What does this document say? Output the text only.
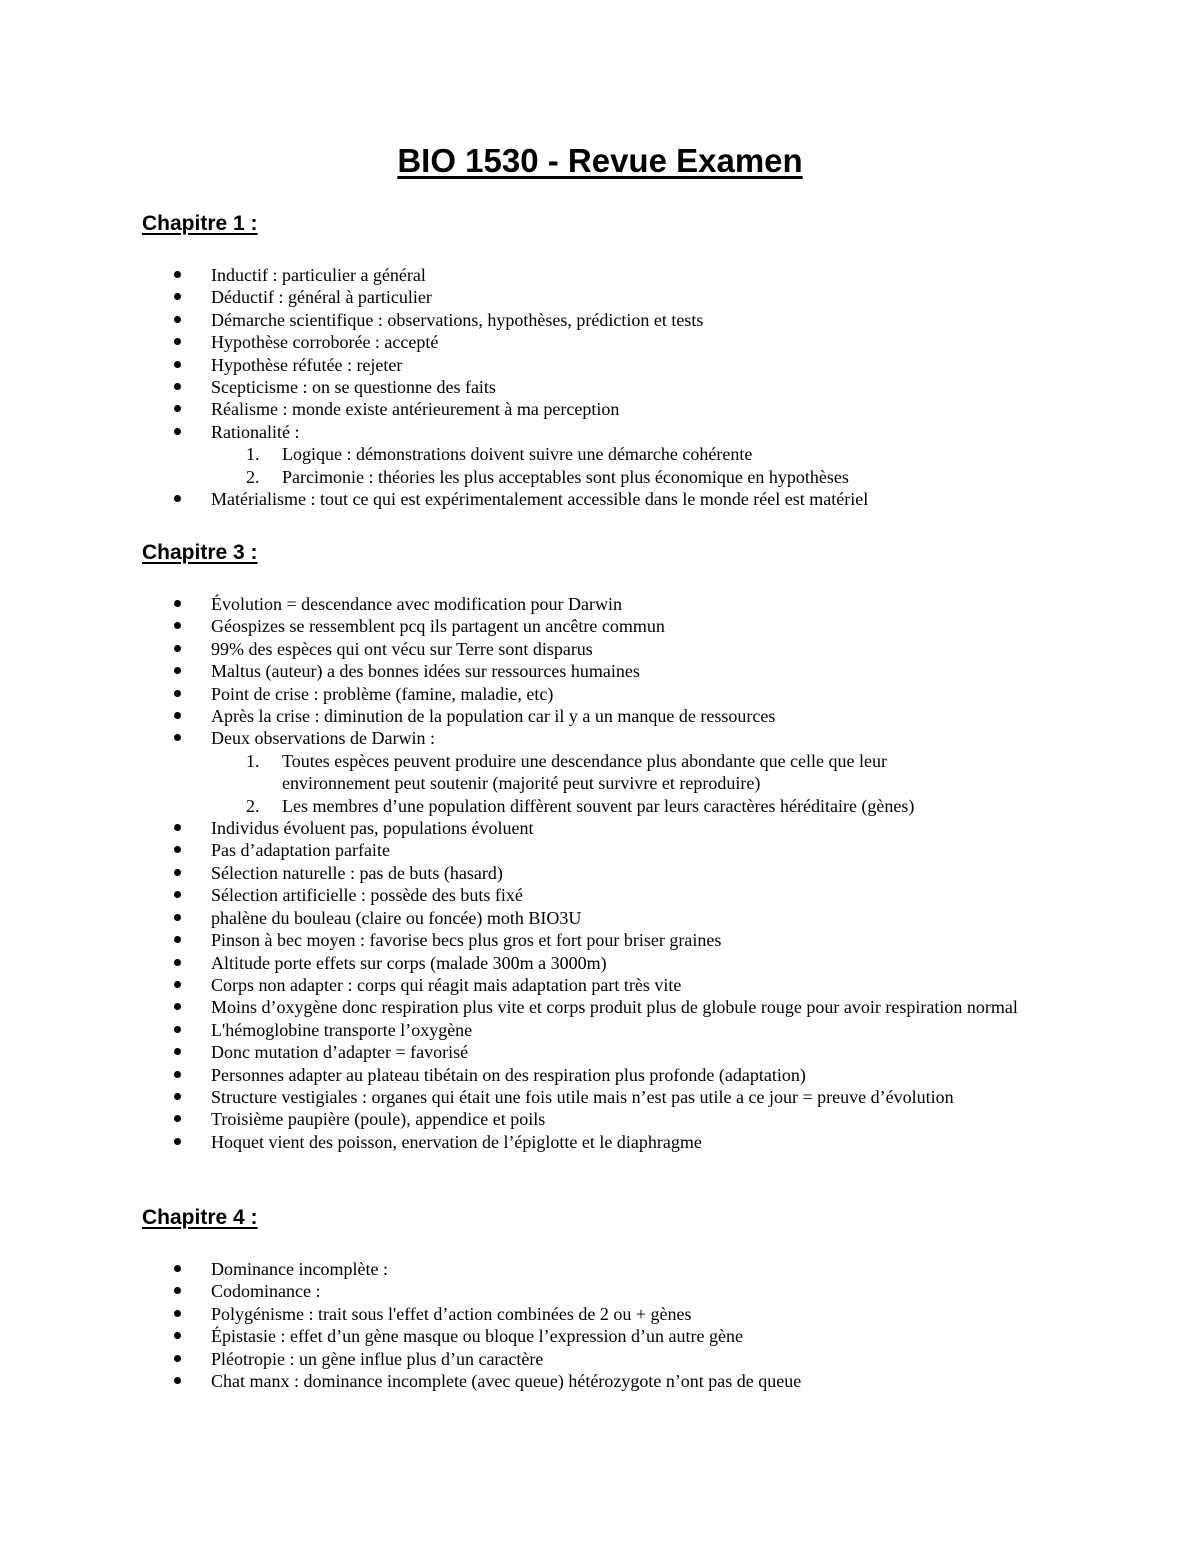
BIO 1530 - Revue Examen
Chapitre 1 :
Inductif : particulier a général
Déductif : général à particulier
Démarche scientifique : observations, hypothèses, prédiction et tests
Hypothèse corroborée : accepté
Hypothèse réfutée : rejeter
Scepticisme : on se questionne des faits
Réalisme : monde existe antérieurement à ma perception
Rationalité :
1. Logique : démonstrations doivent suivre une démarche cohérente
2. Parcimonie : théories les plus acceptables sont plus économique en hypothèses
Matérialisme : tout ce qui est expérimentalement accessible dans le monde réel est matériel
Chapitre 3 :
Évolution = descendance avec modification pour Darwin
Géospizes se ressemblent pcq ils partagent un ancêtre commun
99% des espèces qui ont vécu sur Terre sont disparus
Maltus (auteur) a des bonnes idées sur ressources humaines
Point de crise : problème (famine, maladie, etc)
Après la crise : diminution de la population car il y a un manque de ressources
Deux observations de Darwin :
1. Toutes espèces peuvent produire une descendance plus abondante que celle que leur environnement peut soutenir (majorité peut survivre et reproduire)
2. Les membres d’une population diffèrent souvent par leurs caractères héréditaire (gènes)
Individus évoluent pas, populations évoluent
Pas d’adaptation parfaite
Sélection naturelle : pas de buts (hasard)
Sélection artificielle : possède des buts fixé
phalène du bouleau (claire ou foncée) moth BIO3U
Pinson à bec moyen : favorise becs plus gros et fort pour briser graines
Altitude porte effets sur corps (malade 300m a 3000m)
Corps non adapter : corps qui réagit mais adaptation part très vite
Moins d’oxygène donc respiration plus vite et corps produit plus de globule rouge pour avoir respiration normal
L'hémoglobine transporte l’oxygène
Donc mutation d’adapter = favorisé
Personnes adapter au plateau tibétain on des respiration plus profonde (adaptation)
Structure vestigiales : organes qui était une fois utile mais n’est pas utile a ce jour = preuve d’évolution
Troisième paupière (poule), appendice et poils
Hoquet vient des poisson, enervation de l’épiglotte et le diaphragme
Chapitre 4 :
Dominance incomplète :
Codominance :
Polygénisme : trait sous l'effet d’action combinées de 2 ou + gènes
Épistasie : effet d’un gène masque ou bloque l’expression d’un autre gène
Pléotropie : un gène influe plus d’un caractère
Chat manx : dominance incomplete (avec queue) hétérozygote n’ont pas de queue
